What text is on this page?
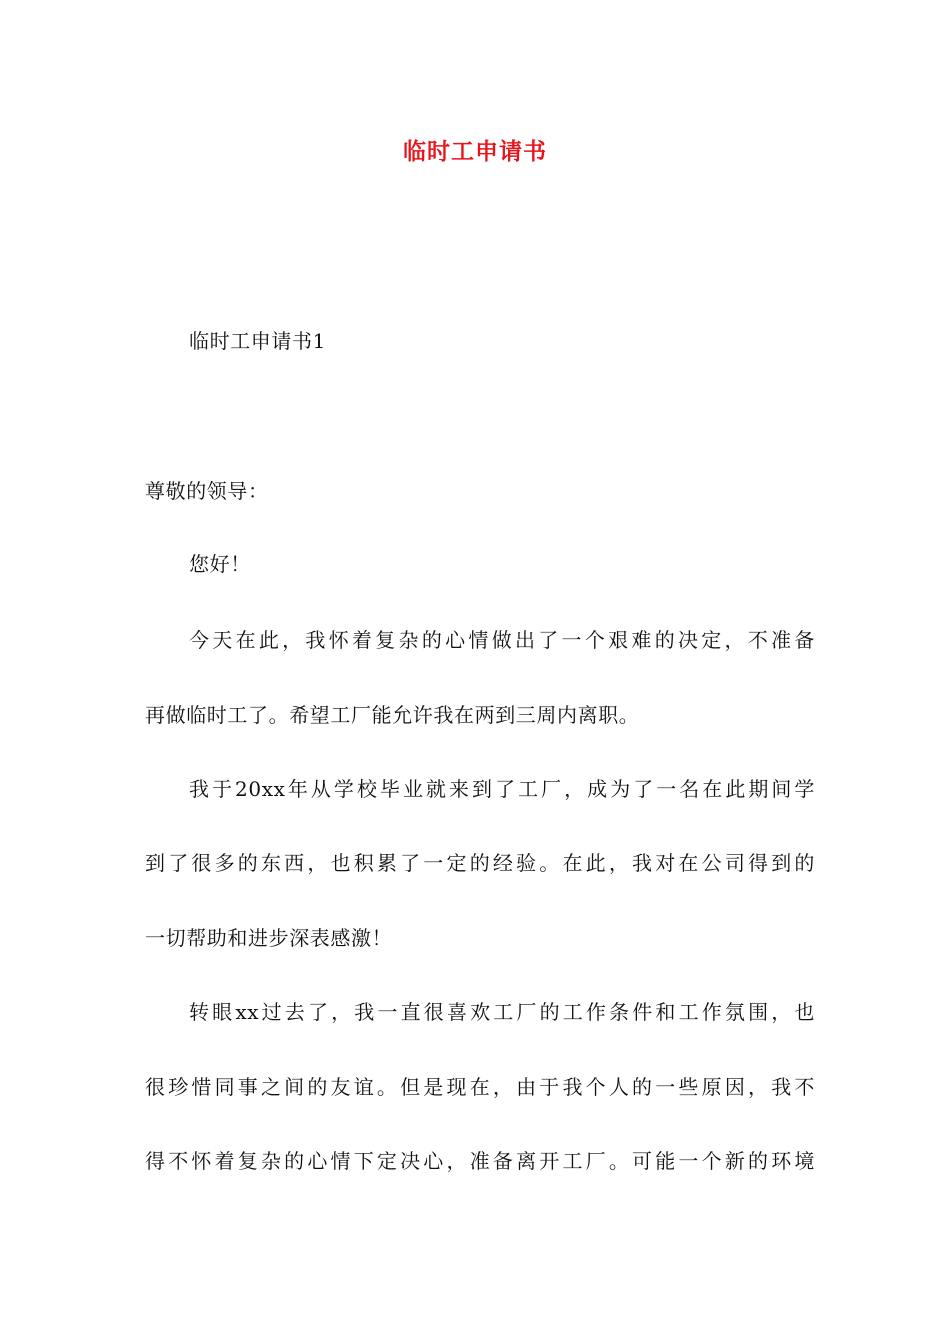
临时工申请书
临时工申请书1
尊敬的领导：
您好！
今天在此，我怀着复杂的心情做出了一个艰难的决定，不准备
再做临时工了。希望工厂能允许我在两到三周内离职。
我于20xx年从学校毕业就来到了工厂，成为了一名在此期间学
到了很多的东西，也积累了一定的经验。在此，我对在公司得到的
一切帮助和进步深表感激！
转眼xx过去了，我一直很喜欢工厂的工作条件和工作氛围，也
很珍惜同事之间的友谊。但是现在，由于我个人的一些原因，我不
得不怀着复杂的心情下定决心，准备离开工厂。可能一个新的环境
